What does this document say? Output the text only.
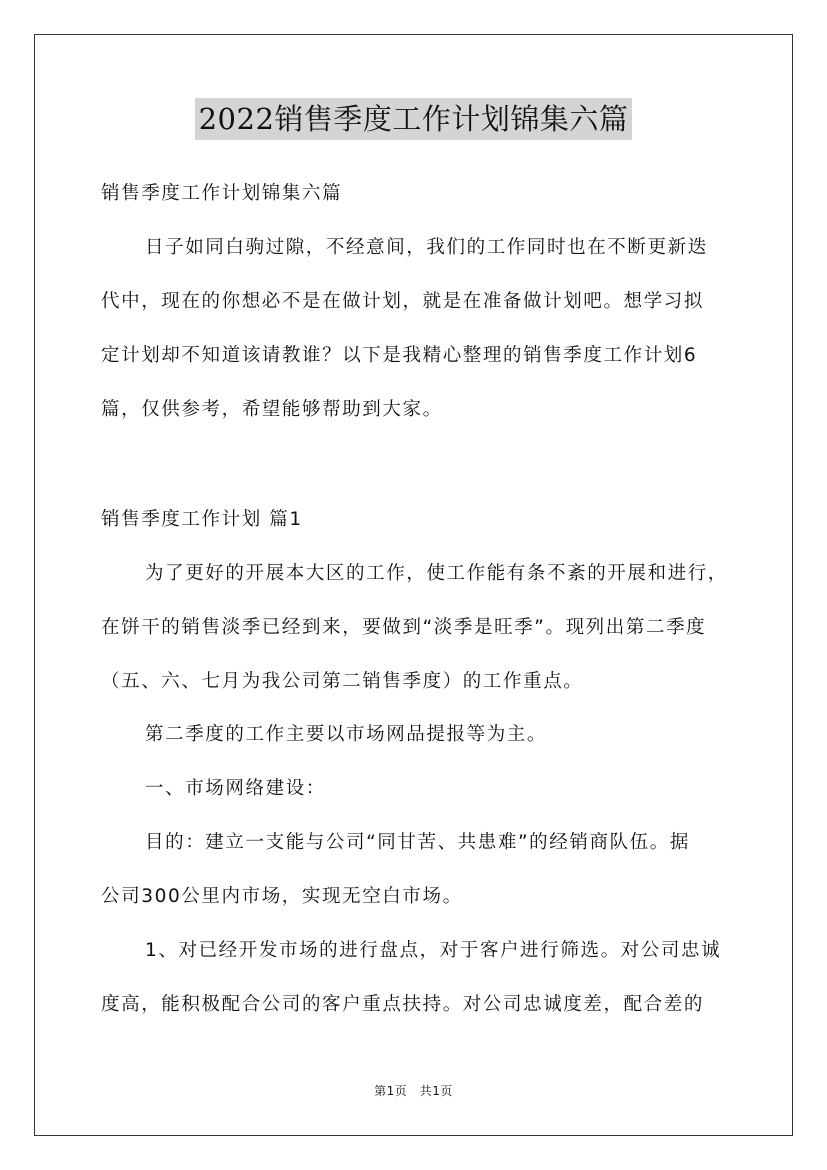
2022销售季度工作计划锦集六篇
销售季度工作计划锦集六篇
日子如同白驹过隙，不经意间，我们的工作同时也在不断更新迭
代中，现在的你想必不是在做计划，就是在准备做计划吧。想学习拟
定计划却不知道该请教谁？以下是我精心整理的销售季度工作计划6
篇，仅供参考，希望能够帮助到大家。
销售季度工作计划 篇1
为了更好的开展本大区的工作，使工作能有条不紊的开展和进行，
在饼干的销售淡季已经到来，要做到“淡季是旺季”。现列出第二季度
（五、六、七月为我公司第二销售季度）的工作重点。
第二季度的工作主要以市场网品提报等为主。
一、市场网络建设：
目的：建立一支能与公司“同甘苦、共患难”的经销商队伍。据
公司300公里内市场，实现无空白市场。
1、对已经开发市场的进行盘点，对于客户进行筛选。对公司忠诚
度高，能积极配合公司的客户重点扶持。对公司忠诚度差，配合差的
第1页　共1页
